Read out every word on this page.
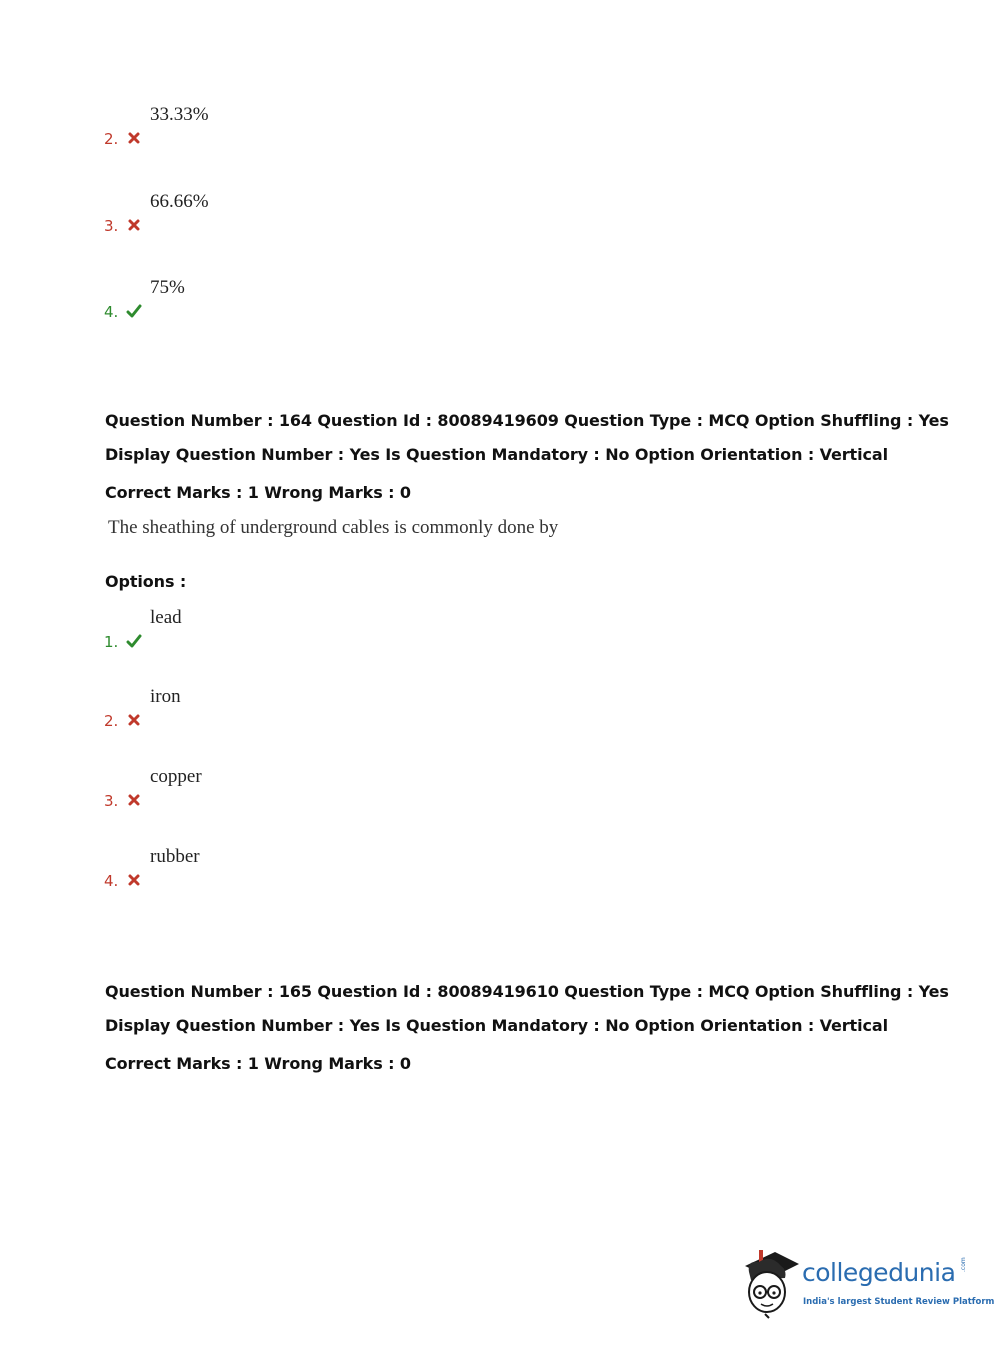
33.33%
2.
66.66%
3.
75%
4.
Question Number : 164 Question Id : 80089419609 Question Type : MCQ Option Shuffling : Yes
Display Question Number : Yes Is Question Mandatory : No Option Orientation : Vertical
Correct Marks : 1 Wrong Marks : 0
The sheathing of underground cables is commonly done by
Options :
lead
1.
iron
2.
copper
3.
rubber
4.
Question Number : 165 Question Id : 80089419610 Question Type : MCQ Option Shuffling : Yes
Display Question Number : Yes Is Question Mandatory : No Option Orientation : Vertical
Correct Marks : 1 Wrong Marks : 0
collegedunia .com
India's largest Student Review Platform
